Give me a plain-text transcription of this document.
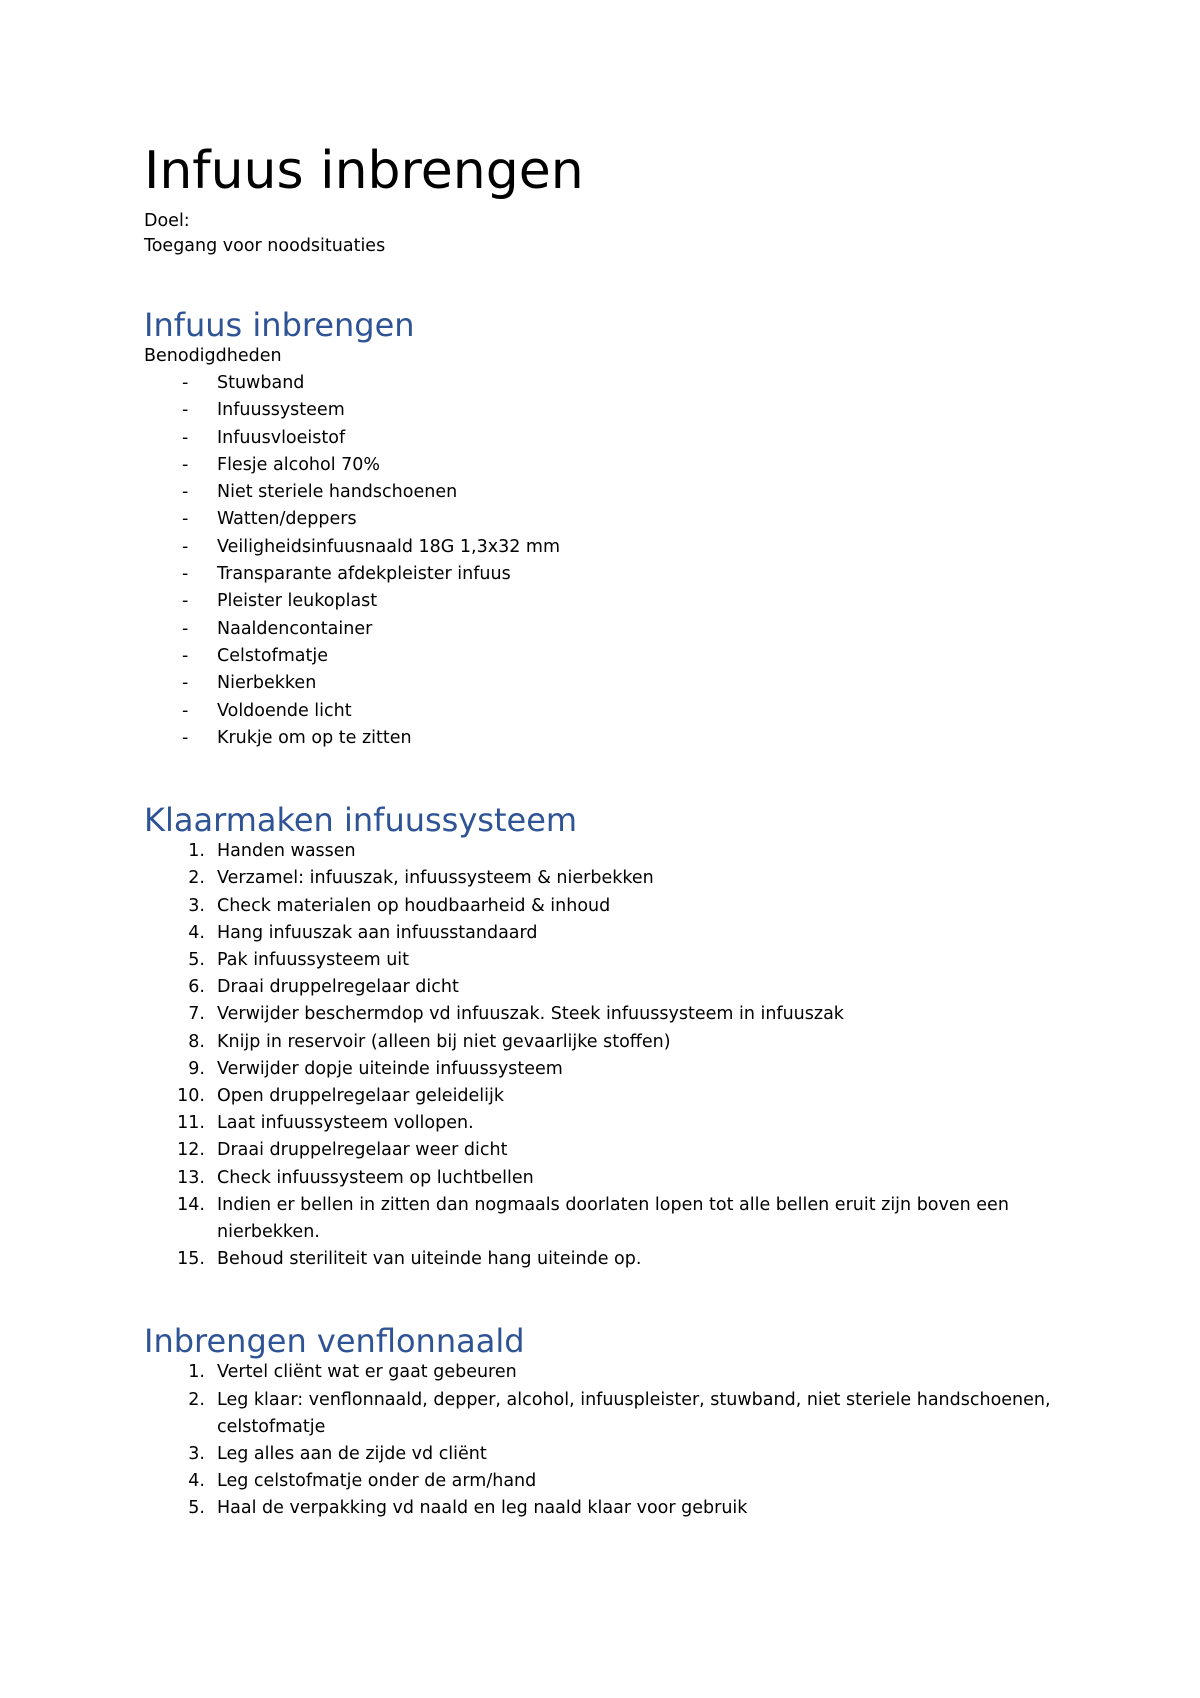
Infuus inbrengen

Doel:

Toegang voor noodsituaties

Infuus inbrengen

Benodigdheden

- Stuwband
- Infuussysteem
- Infuusvloeistof
- Flesje alcohol 70%
- Niet steriele handschoenen
- Watten/deppers
- Veiligheidsinfuusnaald 18G 1,3x32 mm
- Transparante afdekpleister infuus
- Pleister leukoplast
- Naaldencontainer
- Celstofmatje
- Nierbekken
- Voldoende licht
- Krukje om op te zitten
Klaarmaken infuussysteem
1. Handen wassen
2. Verzamel: infuuszak, infuussysteem & nierbekken
3. Check materialen op houdbaarheid & inhoud
4. Hang infuuszak aan infuusstandaard
5. Pak infuussysteem uit
6. Draai druppelregelaar dicht
7. Verwijder beschermdop vd infuuszak. Steek infuussysteem in infuuszak
8. Knijp in reservoir (alleen bij niet gevaarlijke stoffen)
9. Verwijder dopje uiteinde infuussysteem
10. Open druppelregelaar geleidelijk
11. Laat infuussysteem vollopen.
12. Draai druppelregelaar weer dicht
13. Check infuussysteem op luchtbellen
14. Indien er bellen in zitten dan nogmaals doorlaten lopen tot alle bellen eruit zijn boven een nierbekken.
15. Behoud steriliteit van uiteinde hang uiteinde op.
Inbrengen venflonnaald
1. Vertel cliënt wat er gaat gebeuren
2. Leg klaar: venflonnaald, depper, alcohol, infuuspleister, stuwband, niet steriele handschoenen, celstofmatje
3. Leg alles aan de zijde vd cliënt
4. Leg celstofmatje onder de arm/hand
5. Haal de verpakking vd naald en leg naald klaar voor gebruik
